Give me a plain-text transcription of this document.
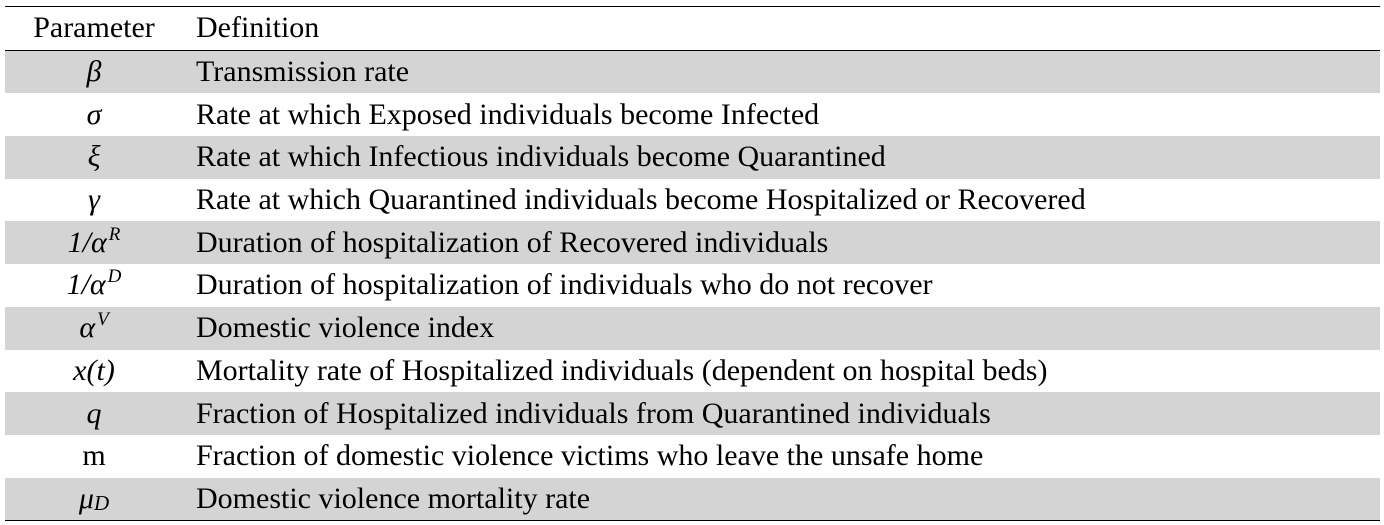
Parameter	Definition
β	Transmission rate
σ	Rate at which Exposed individuals become Infected
ξ	Rate at which Infectious individuals become Quarantined
γ	Rate at which Quarantined individuals become Hospitalized or Recovered
1/α $^R$	Duration of hospitalization of Recovered individuals
1/α $^D$	Duration of hospitalization of individuals who do not recover
α $^V$	Domestic violence index
x(t)	Mortality rate of Hospitalized individuals (dependent on hospital beds)
q	Fraction of Hospitalized individuals from Quarantined individuals
m	Fraction of domestic violence victims who leave the unsafe home
$\mu_D$	Domestic violence mortality rate
